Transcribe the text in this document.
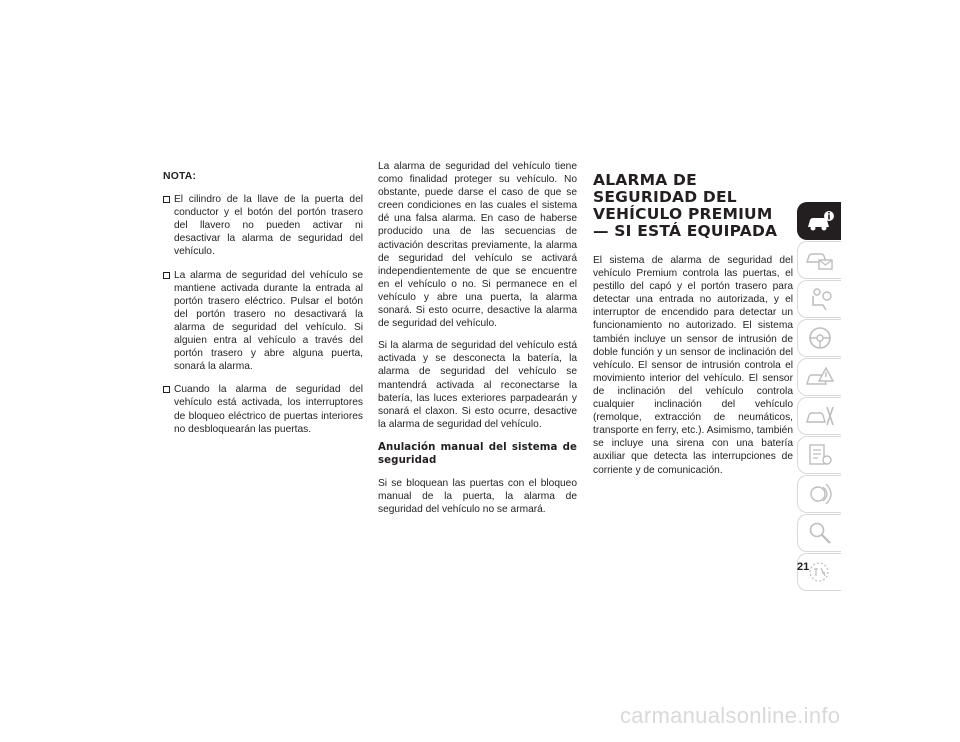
NOTA:
El cilindro de la llave de la puerta del conductor y el botón del portón trasero del llavero no pueden activar ni desactivar la alarma de seguridad del vehículo.
La alarma de seguridad del vehículo se mantiene activada durante la entrada al portón trasero eléctrico. Pulsar el botón del portón trasero no desactivará la alarma de seguridad del vehículo. Si alguien entra al vehículo a través del portón trasero y abre alguna puerta, sonará la alarma.
Cuando la alarma de seguridad del vehículo está activada, los interruptores de bloqueo eléctrico de puertas interiores no desbloquearán las puertas.

La alarma de seguridad del vehículo tiene como finalidad proteger su vehículo. No obstante, puede darse el caso de que se creen condiciones en las cuales el sistema dé una falsa alarma. En caso de haberse producido una de las secuencias de activación descritas previamente, la alarma de seguridad del vehículo se activará independientemente de que se encuentre en el vehículo o no. Si permanece en el vehículo y abre una puerta, la alarma sonará. Si esto ocurre, desactive la alarma de seguridad del vehículo.

Si la alarma de seguridad del vehículo está activada y se desconecta la batería, la alarma de seguridad del vehículo se mantendrá activada al reconectarse la batería, las luces exteriores parpadearán y sonará el claxon. Si esto ocurre, desactive la alarma de seguridad del vehículo.

Anulación manual del sistema de seguridad

Si se bloquean las puertas con el bloqueo manual de la puerta, la alarma de seguridad del vehículo no se armará.

ALARMA DE SEGURIDAD DEL VEHÍCULO PREMIUM — SI ESTÁ EQUIPADA

El sistema de alarma de seguridad del vehículo Premium controla las puertas, el pestillo del capó y el portón trasero para detectar una entrada no autorizada, y el interruptor de encendido para detectar un funcionamiento no autorizado. El sistema también incluye un sensor de intrusión de doble función y un sensor de inclinación del vehículo. El sensor de intrusión controla el movimiento interior del vehículo. El sensor de inclinación del vehículo controla cualquier inclinación del vehículo (remolque, extracción de neumáticos, transporte en ferry, etc.). Asimismo, también se incluye una sirena con una batería auxiliar que detecta las interrupciones de corriente y de comunicación.

21
carmanualsonline.info
